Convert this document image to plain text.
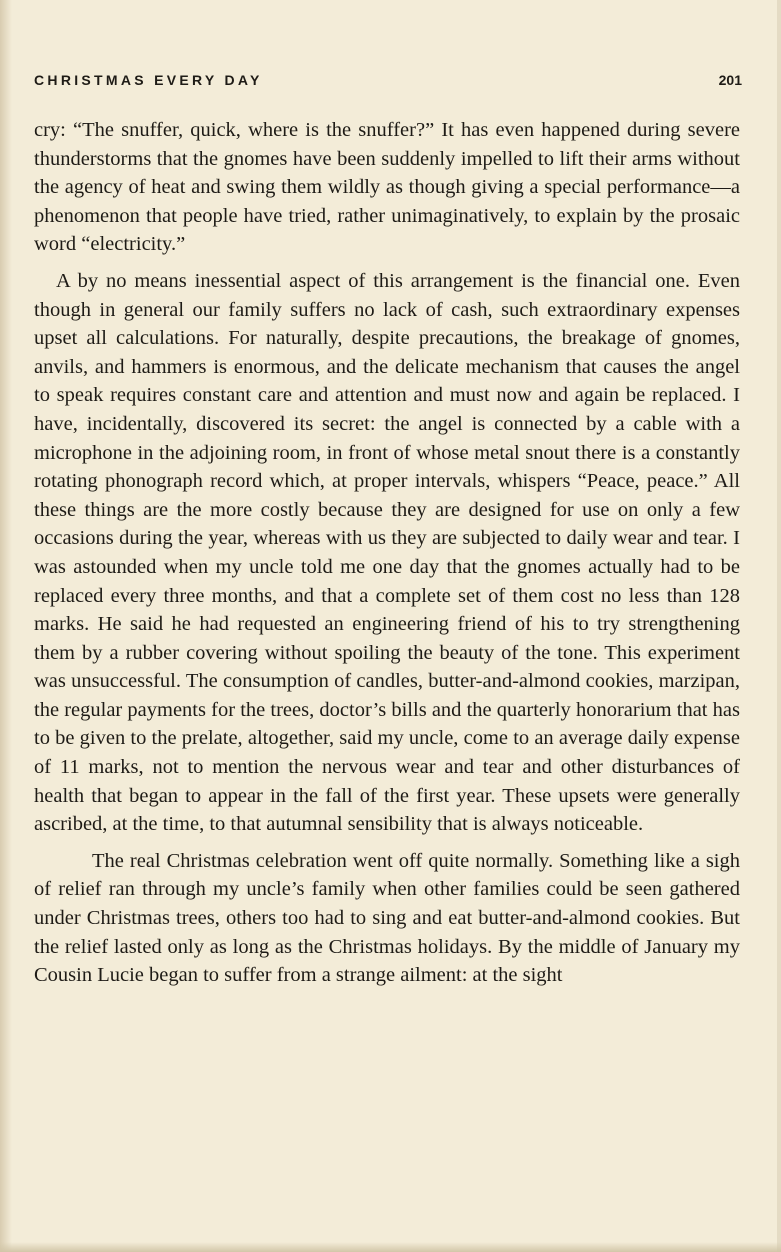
CHRISTMAS EVERY DAY	201

cry: “The snuffer, quick, where is the snuffer?” It has even happened during severe thunderstorms that the gnomes have been suddenly impelled to lift their arms without the agency of heat and swing them wildly as though giving a special performance—a phenomenon that people have tried, rather unimaginatively, to explain by the prosaic word “electricity.”

A by no means inessential aspect of this arrangement is the financial one. Even though in general our family suffers no lack of cash, such extraordinary expenses upset all calculations. For naturally, despite precautions, the breakage of gnomes, anvils, and hammers is enormous, and the delicate mechanism that causes the angel to speak requires constant care and attention and must now and again be replaced. I have, incidentally, discovered its secret: the angel is connected by a cable with a microphone in the adjoining room, in front of whose metal snout there is a constantly rotating phonograph record which, at proper intervals, whispers “Peace, peace.” All these things are the more costly because they are designed for use on only a few occasions during the year, whereas with us they are subjected to daily wear and tear. I was astounded when my uncle told me one day that the gnomes actually had to be replaced every three months, and that a complete set of them cost no less than 128 marks. He said he had requested an engineering friend of his to try strengthening them by a rubber covering without spoiling the beauty of the tone. This experiment was unsuccessful. The consumption of candles, butter-and-almond cookies, marzipan, the regular payments for the trees, doctor’s bills and the quarterly honorarium that has to be given to the prelate, altogether, said my uncle, come to an average daily expense of 11 marks, not to mention the nervous wear and tear and other disturbances of health that began to appear in the fall of the first year. These upsets were generally ascribed, at the time, to that autumnal sensibility that is always noticeable.

The real Christmas celebration went off quite normally. Something like a sigh of relief ran through my uncle’s family when other families could be seen gathered under Christmas trees, others too had to sing and eat butter-and-almond cookies. But the relief lasted only as long as the Christmas holidays. By the middle of January my Cousin Lucie began to suffer from a strange ailment: at the sight
